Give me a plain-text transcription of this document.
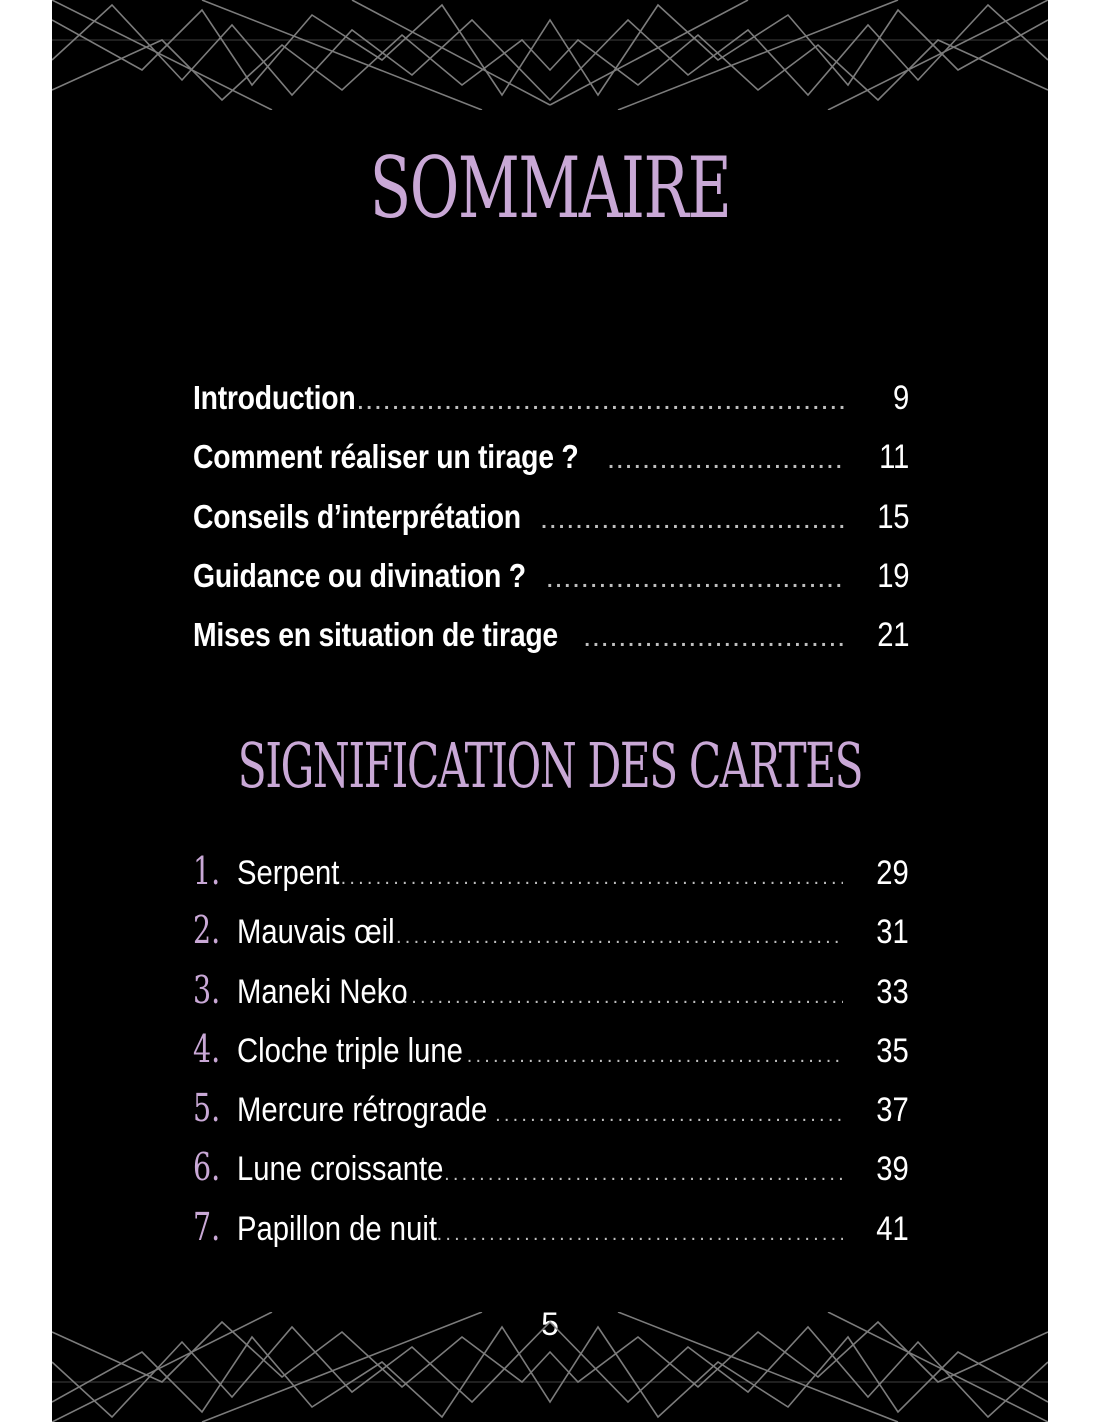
SOMMAIRE
Introduction .....	9
Comment réaliser un tirage ? .....	11
Conseils d’interprétation .....	15
Guidance ou divination ? .....	19
Mises en situation de tirage .....	21
SIGNIFICATION DES CARTES
1. Serpent .....	29
2. Mauvais œil .....	31
3. Maneki Neko .....	33
4. Cloche triple lune .....	35
5. Mercure rétrograde .....	37
6. Lune croissante .....	39
7. Papillon de nuit .....	41
5
